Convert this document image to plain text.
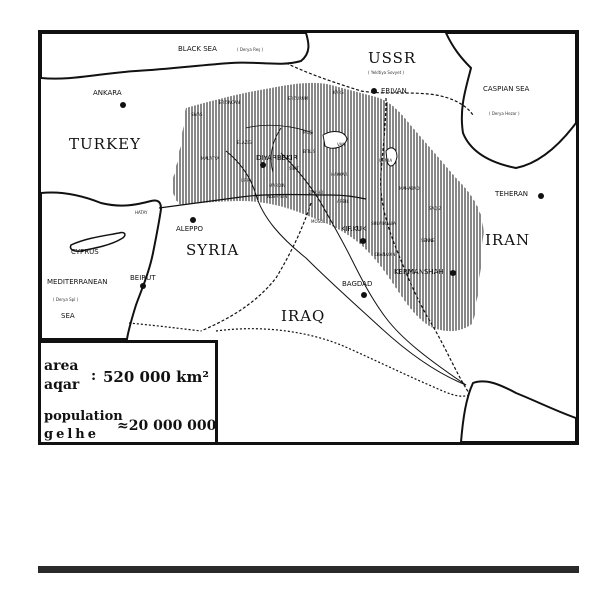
TURKEY
USSR
SYRIA
IRAQ
IRAN
BLACK SEA	( Derya Reş )
( Yekîtiya Sovyet )
CASPIAN SEA
( Derya Hezar )
MEDITERRANEAN
( Derya Spî )
SEA
ANKARA	ERIVAN
TEHERAN
ALEPPO
BEIRUT
BAGDAD
KIRKUK
KERMANSHAH
DIYARBEKIR
CYPRUS
MOSUL
HATAY
ERZINCAN
ERZURUM
KARS
SIVAS
MALATYA
ELAZIG
BITLIS
VAN
MUŞ
URFA
MARDIN
SIIRT
HAKKARI
ZAKHO
ARBIL
SULAIMANIA
MAHABAD
SAQIZ
SENNE
KHANAQIN
URMIA
NUSAYBIN
area
aqar
: 520 000 km²
population
gelhe
≈20 000 000
